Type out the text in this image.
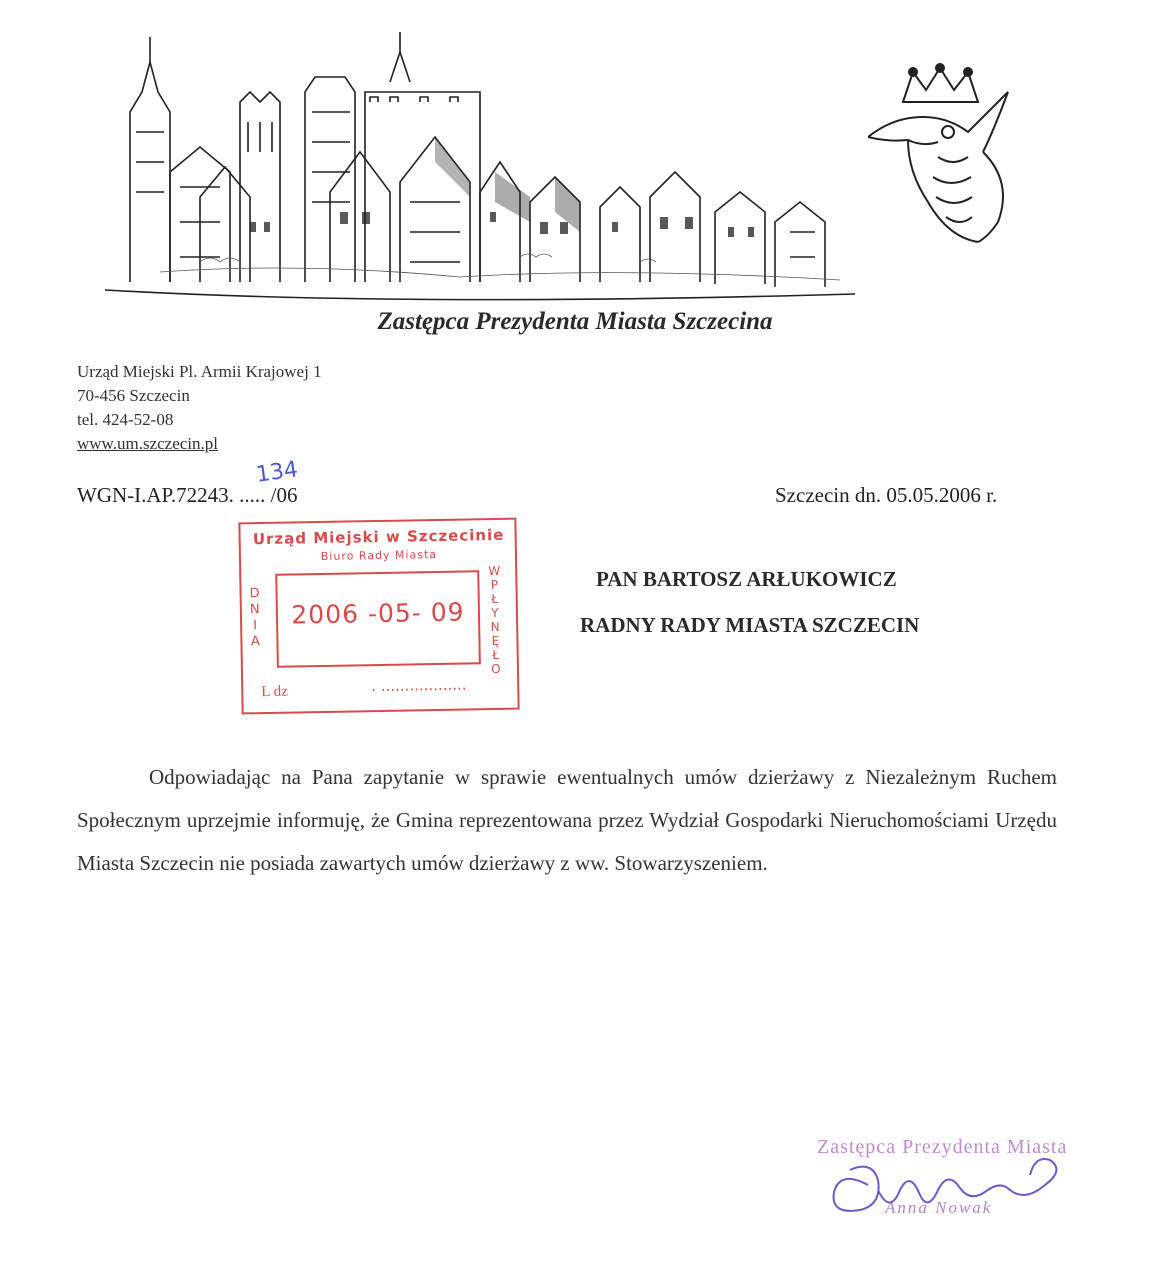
Zastępca Prezydenta Miasta Szczecina
Urząd Miejski Pl. Armii Krajowej 1
70-456 Szczecin
tel. 424-52-08
www.um.szczecin.pl
WGN-I.AP.72243. ..... /06
134
Szczecin dn. 05.05.2006 r.
Urząd Miejski w Szczecinie
Biuro Rady Miasta
D
N
I
A
2006 -05- 09
W
P
Ł
Y
N
Ę
Ł
O
L dz	. ..................
PAN BARTOSZ ARŁUKOWICZ
RADNY RADY MIASTA SZCZECIN
Odpowiadając na Pana zapytanie w sprawie ewentualnych umów dzierżawy z Niezależnym Ruchem Społecznym uprzejmie informuję, że Gmina reprezentowana przez Wydział Gospodarki Nieruchomościami Urzędu Miasta Szczecin nie posiada zawartych umów dzierżawy z ww. Stowarzyszeniem.
Zastępca Prezydenta Miasta
Anna Nowak
